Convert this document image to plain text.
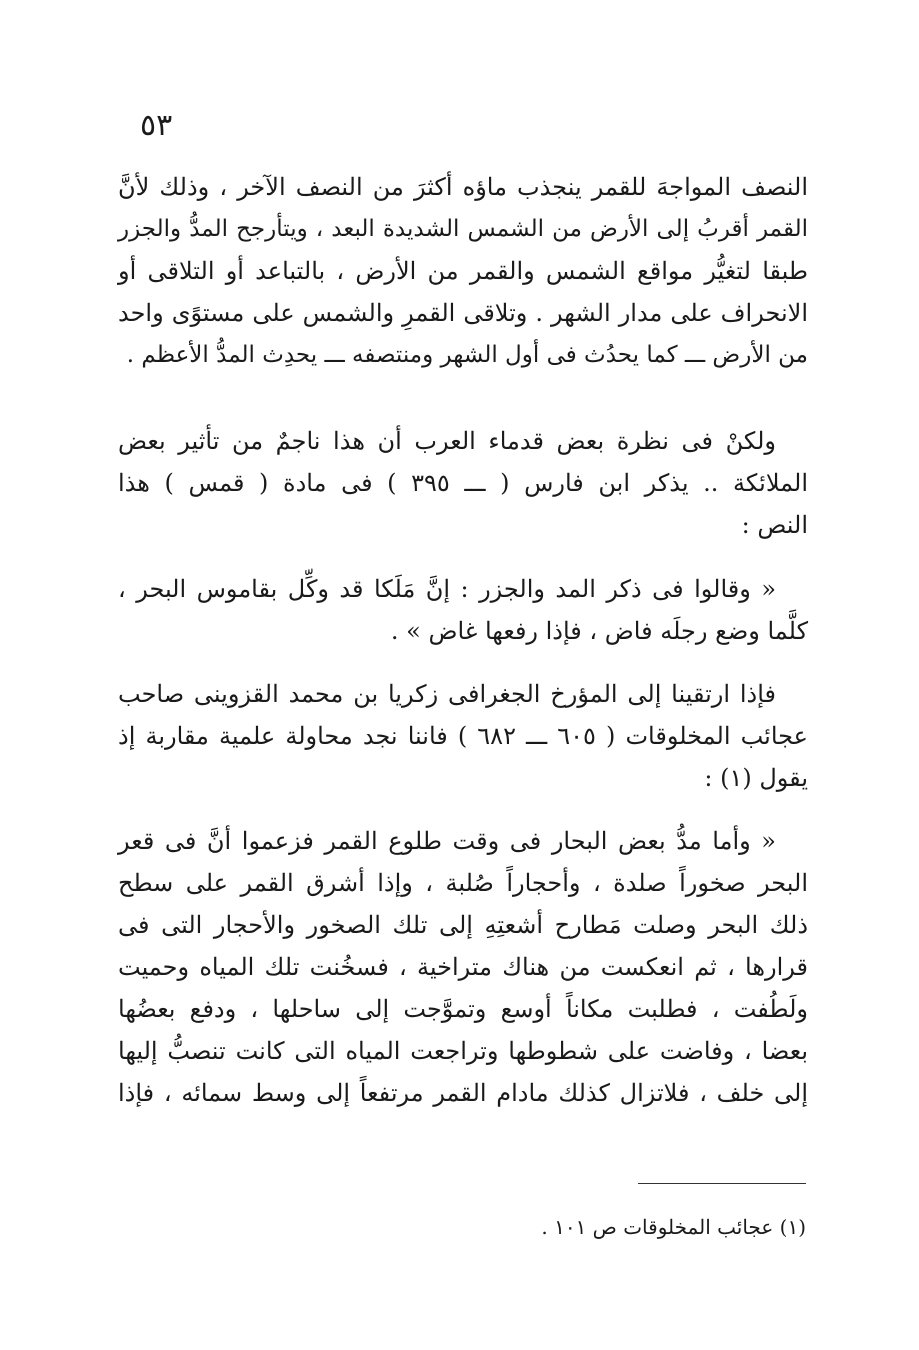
٥٣
النصف المواجهَ للقمر ينجذب ماؤه أكثرَ من النصف الآخر ، وذلك لأنَّ
القمر أقربُ إلى الأرض من الشمس الشديدة البعد ، ويتأرجح المدُّ والجزر
طبقا لتغيُّر مواقع الشمس والقمر من الأرض ، بالتباعد أو التلاقى أو
الانحراف على مدار الشهر . وتلاقى القمرِ والشمس على مستوًى واحد
من الأرض ـــ كما يحدُث فى أول الشهر ومنتصفه ـــ يحدِث المدُّ الأعظم .
ولكنْ فى نظرة بعض قدماء العرب أن هذا ناجمٌ من تأثير بعض
الملائكة .. يذكر ابن فارس ( ـــ ٣٩٥ ) فى مادة ( قمس ) هذا
النص :
« وقالوا فى ذكر المد والجزر : إنَّ مَلَكا قد وكِّل بقاموس البحر ،
كلَّما وضع رجلَه فاض ، فإذا رفعها غاض » .
فإذا ارتقينا إلى المؤرخ الجغرافى زكريا بن محمد القزوينى صاحب
عجائب المخلوقات ( ٦٠٥ ـــ ٦٨٢ ) فاننا نجد محاولة علمية مقاربة إذ
يقول (١) :
« وأما مدُّ بعض البحار فى وقت طلوع القمر فزعموا أنَّ فى قعر
البحر صخوراً صلدة ، وأحجاراً صُلبة ، وإذا أشرق القمر على سطح
ذلك البحر وصلت مَطارح أشعتِهِ إلى تلك الصخور والأحجار التى فى
قرارها ، ثم انعكست من هناك متراخية ، فسخُنت تلك المياه وحميت
ولَطُفت ، فطلبت مكاناً أوسع وتموَّجت إلى ساحلها ، ودفع بعضُها
بعضا ، وفاضت على شطوطها وتراجعت المياه التى كانت تنصبُّ إليها
إلى خلف ، فلاتزال كذلك مادام القمر مرتفعاً إلى وسط سمائه ، فإذا
(١) عجائب المخلوقات ص ١٠١ .
